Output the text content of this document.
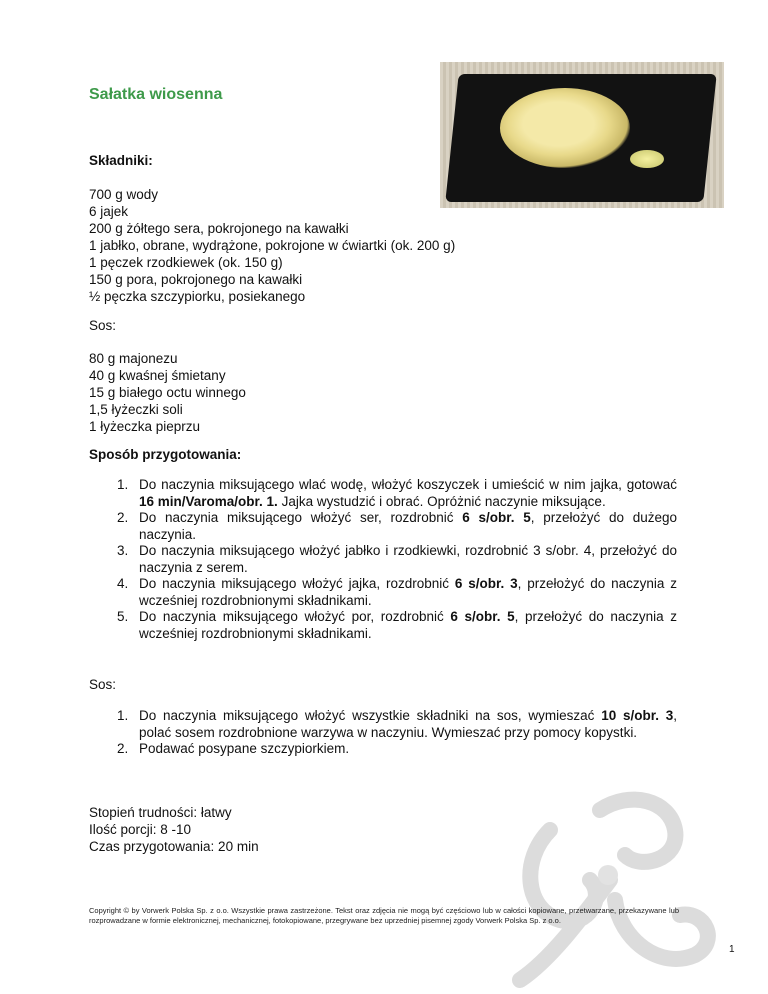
Sałatka wiosenna
Składniki:
700 g wody
6 jajek
200 g żółtego sera, pokrojonego na kawałki
1 jabłko, obrane, wydrążone, pokrojone w ćwiartki (ok. 200 g)
1 pęczek rzodkiewek (ok. 150 g)
150 g pora, pokrojonego na kawałki
½ pęczka szczypiorku, posiekanego
Sos:
80 g majonezu
40 g kwaśnej śmietany
15 g białego octu winnego
1,5 łyżeczki soli
1 łyżeczka pieprzu
Sposób przygotowania:
1. Do naczynia miksującego wlać wodę, włożyć koszyczek i umieścić w nim jajka, gotować 16 min/Varoma/obr. 1. Jajka wystudzić i obrać. Opróżnić naczynie miksujące.
2. Do naczynia miksującego włożyć ser, rozdrobnić 6 s/obr. 5, przełożyć do dużego naczynia.
3. Do naczynia miksującego włożyć jabłko i rzodkiewki, rozdrobnić 3 s/obr. 4, przełożyć do naczynia z serem.
4. Do naczynia miksującego włożyć jajka, rozdrobnić 6 s/obr. 3, przełożyć do naczynia z wcześniej rozdrobnionymi składnikami.
5. Do naczynia miksującego włożyć por, rozdrobnić 6 s/obr. 5, przełożyć do naczynia z wcześniej rozdrobnionymi składnikami.
Sos:
1. Do naczynia miksującego włożyć wszystkie składniki na sos, wymieszać 10 s/obr. 3, polać sosem rozdrobnione warzywa w naczyniu. Wymieszać przy pomocy kopystki.
2. Podawać posypane szczypiorkiem.
Stopień trudności: łatwy
Ilość porcji: 8 -10
Czas przygotowania: 20 min
Copyright © by Vorwerk Polska Sp. z o.o. Wszystkie prawa zastrzeżone. Tekst oraz zdjęcia nie mogą być częściowo lub w całości kopiowane, przetwarzane, przekazywane lub rozprowadzane w formie elektronicznej, mechanicznej, fotokopiowane, przegrywane bez uprzedniej pisemnej zgody Vorwerk Polska Sp. z o.o.
1
